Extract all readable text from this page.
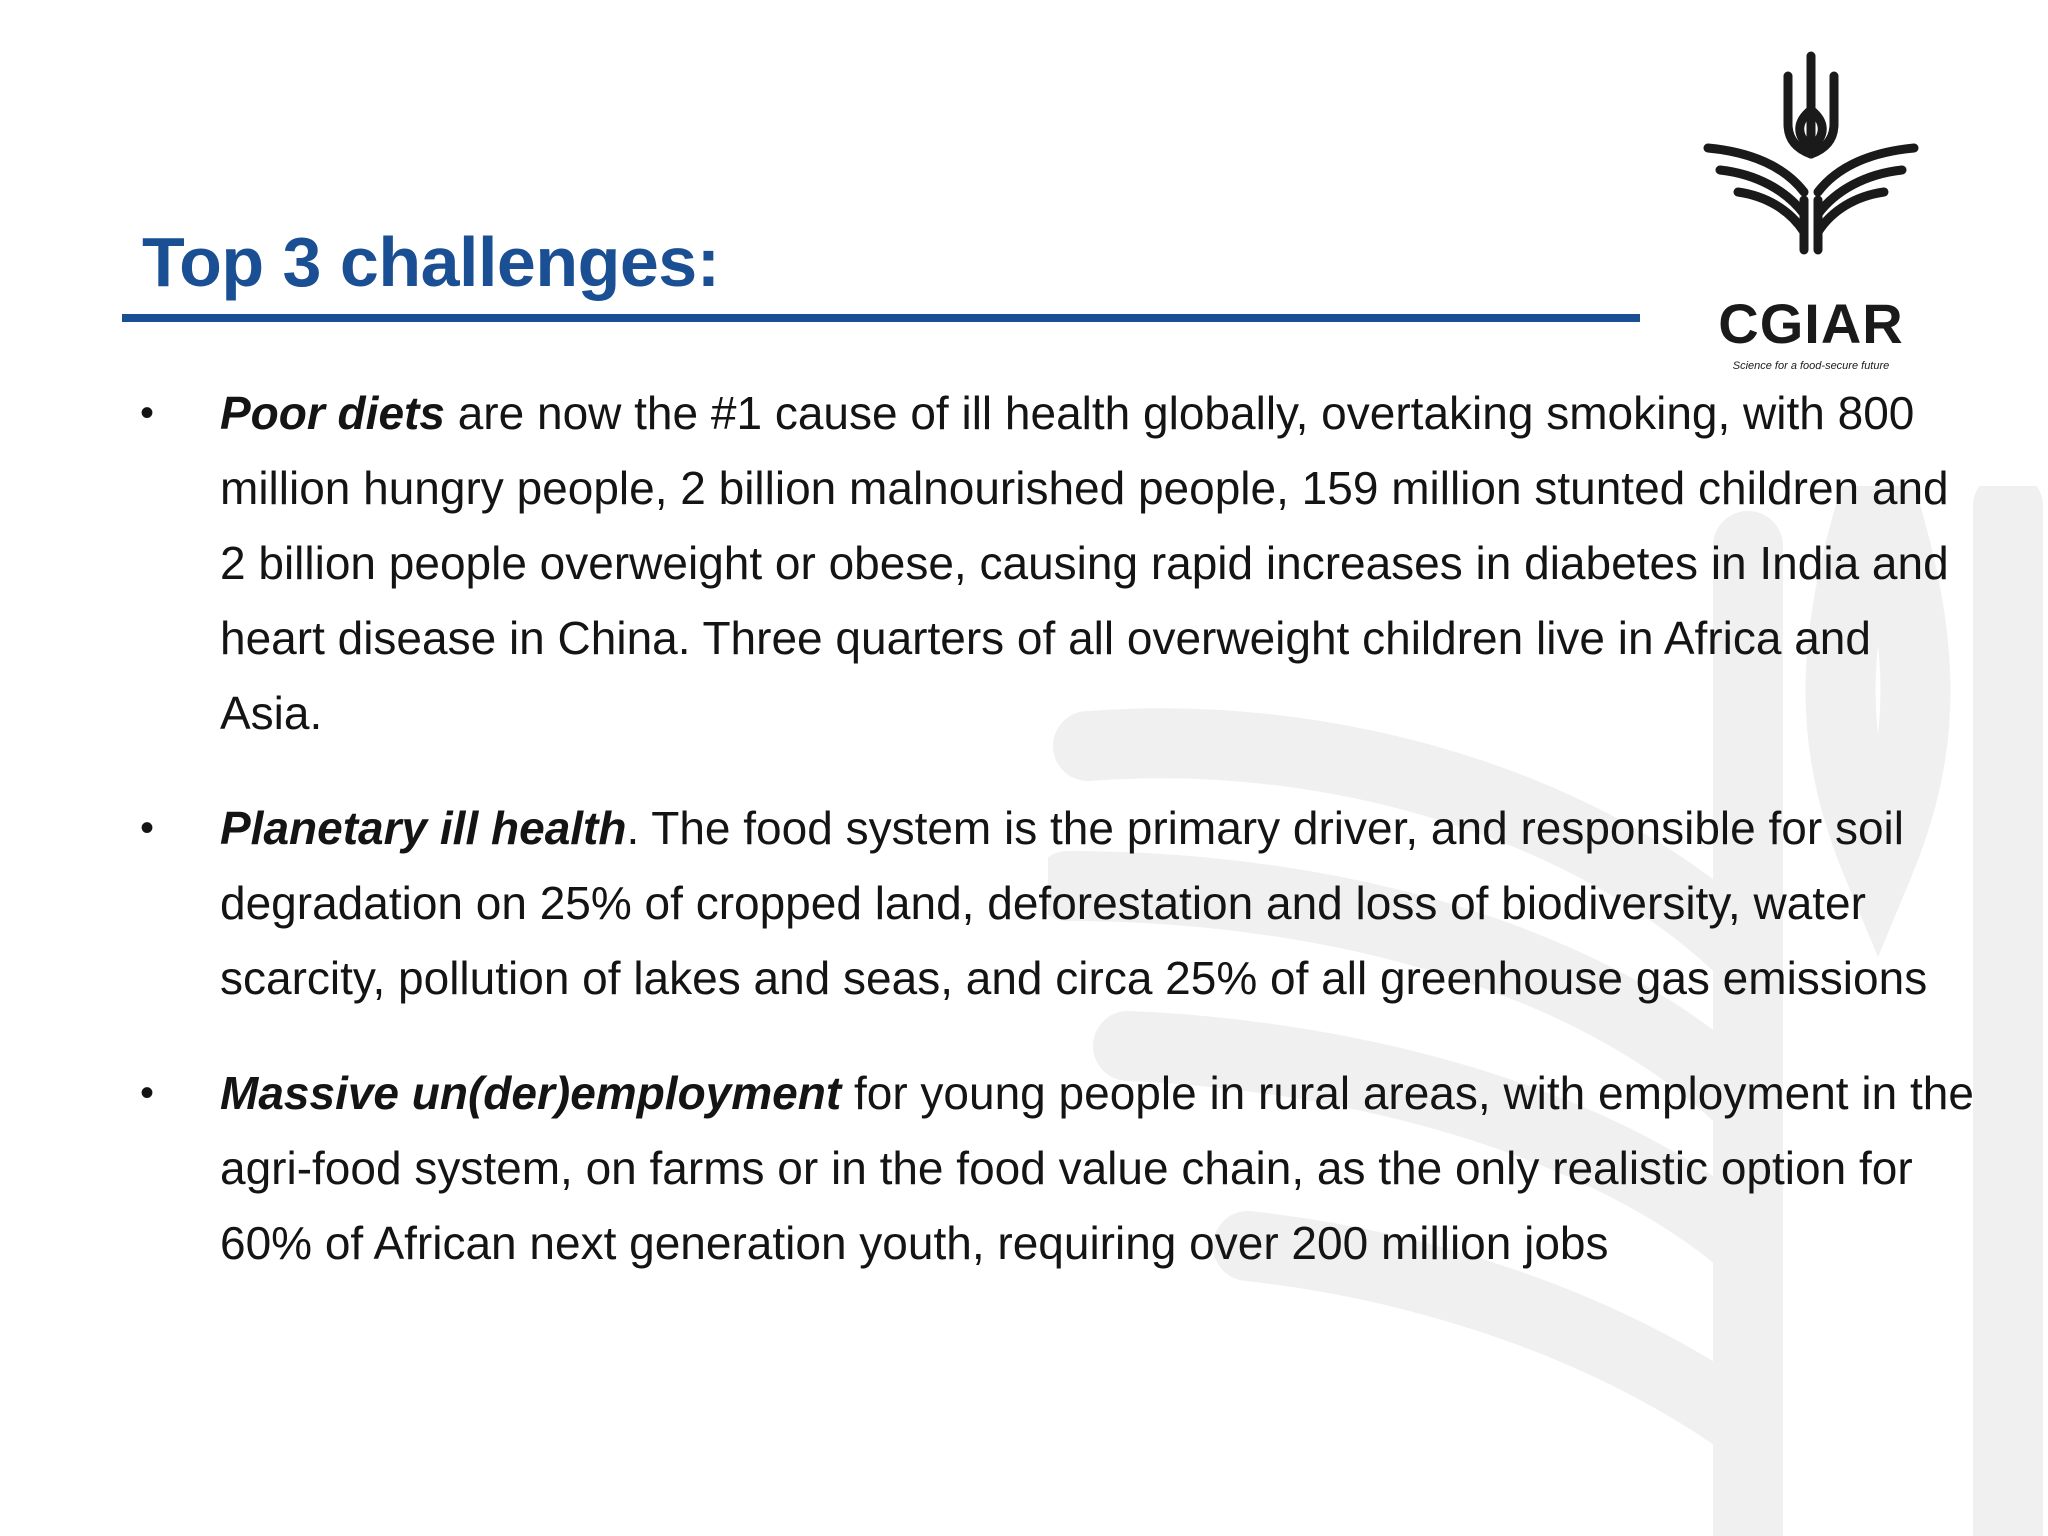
Top 3 challenges:
CGIAR
Science for a food-secure future
• Poor diets are now the #1 cause of ill health globally, overtaking smoking, with 800 million hungry people, 2 billion malnourished people, 159 million stunted children and 2 billion people overweight or obese, causing rapid increases in diabetes in India and heart disease in China. Three quarters of all overweight children live in Africa and Asia.
• Planetary ill health. The food system is the primary driver, and responsible for soil degradation on 25% of cropped land, deforestation and loss of biodiversity, water scarcity, pollution of lakes and seas, and circa 25% of all greenhouse gas emissions
• Massive un(der)employment for young people in rural areas, with employment in the agri-food system, on farms or in the food value chain, as the only realistic option for 60% of African next generation youth, requiring over 200 million jobs
